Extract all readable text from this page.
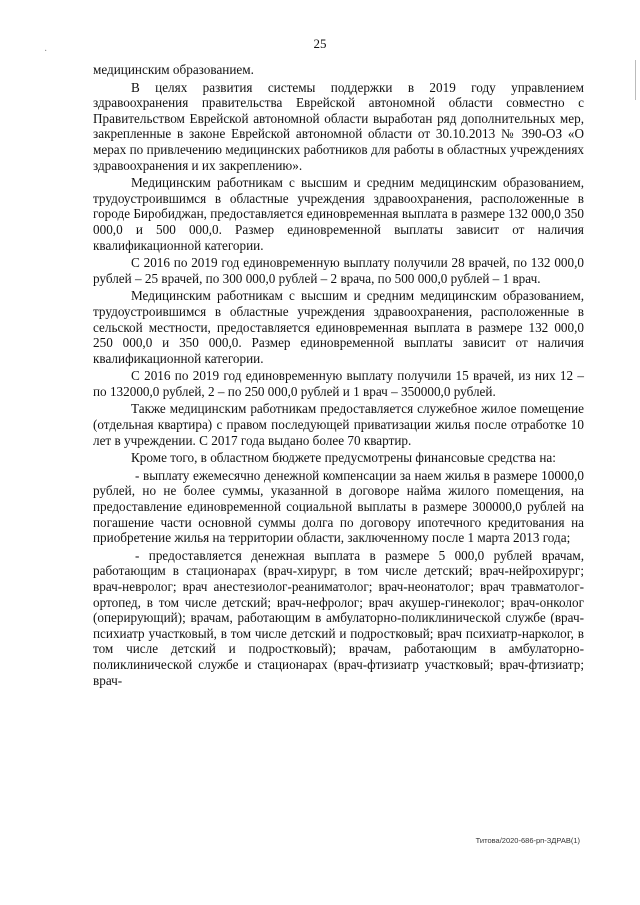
25
·

медицинским образованием.

В целях развития системы поддержки в 2019 году управлением здравоохранения правительства Еврейской автономной области совместно с Правительством Еврейской автономной области выработан ряд дополнительных мер, закрепленные в законе Еврейской автономной области от 30.10.2013 № 390-ОЗ «О мерах по привлечению медицинских работников для работы в областных учреждениях здравоохранения и их закреплению».

Медицинским работникам с высшим и средним медицинским образованием, трудоустроившимся в областные учреждения здравоохранения, расположенные в городе Биробиджан, предоставляется единовременная выплата в размере 132 000,0 350 000,0 и 500 000,0. Размер единовременной выплаты зависит от наличия квалификационной категории.

С 2016 по 2019 год единовременную выплату получили 28 врачей, по 132 000,0 рублей – 25 врачей, по 300 000,0 рублей – 2 врача, по 500 000,0 рублей – 1 врач.

Медицинским работникам с высшим и средним медицинским образованием, трудоустроившимся в областные учреждения здравоохранения, расположенные в сельской местности, предоставляется единовременная выплата в размере 132 000,0 250 000,0 и 350 000,0. Размер единовременной выплаты зависит от наличия квалификационной категории.

С 2016 по 2019 год единовременную выплату получили 15 врачей, из них 12 – по 132000,0 рублей, 2 – по 250 000,0 рублей и 1 врач – 350000,0 рублей.

Также медицинским работникам предоставляется служебное жилое помещение (отдельная квартира) с правом последующей приватизации жилья после отработке 10 лет в учреждении. С 2017 года выдано более 70 квартир.

Кроме того, в областном бюджете предусмотрены финансовые средства на:

- выплату ежемесячно денежной компенсации за наем жилья в размере 10000,0 рублей, но не более суммы, указанной в договоре найма жилого помещения, на предоставление единовременной социальной выплаты в размере 300000,0 рублей на погашение части основной суммы долга по договору ипотечного кредитования на приобретение жилья на территории области, заключенному после 1 марта 2013 года;

- предоставляется денежная выплата в размере 5 000,0 рублей врачам, работающим в стационарах (врач-хирург, в том числе детский; врач-нейрохирург; врач-невролог; врач анестезиолог-реаниматолог; врач-неонатолог; врач травматолог-ортопед, в том числе детский; врач-нефролог; врач акушер-гинеколог; врач-онколог (оперирующий); врачам, работающим в амбулаторно-поликлинической службе (врач-психиатр участковый, в том числе детский и подростковый; врач психиатр-нарколог, в том числе детский и подростковый); врачам, работающим в амбулаторно-поликлинической службе и стационарах (врач-фтизиатр участковый; врач-фтизиатр; врач-

Титова/2020-686-рп-ЗДРАВ(1)
